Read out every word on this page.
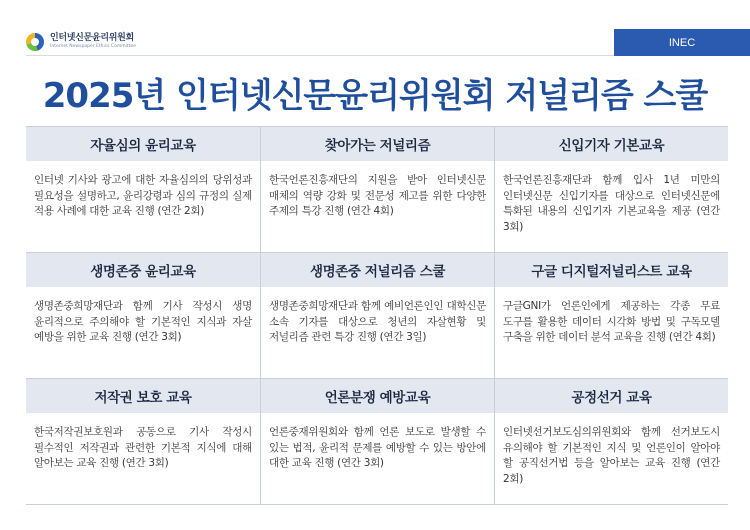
인터넷신문윤리위원회
Internet Newspaper Ethics Committee	INEC
2025년 인터넷신문윤리위원회 저널리즘 스쿨
자율심의 윤리교육
인터넷 기사와 광고에 대한 자율심의의 당위성과 필요성을 설명하고, 윤리강령과 심의 규정의 실제 적용 사례에 대한 교육 진행 (연간 2회)
찾아가는 저널리즘
한국언론진흥재단의 지원을 받아 인터넷신문 매체의 역량 강화 및 전문성 제고를 위한 다양한 주제의 특강 진행 (연간 4회)
신입기자 기본교육
한국언론진흥재단과 함께 입사 1년 미만의 인터넷신문 신입기자를 대상으로 인터넷신문에 특화된 내용의 신입기자 기본교육을 제공 (연간 3회)
생명존중 윤리교육
생명존중희망재단과 함께 기사 작성시 생명 윤리적으로 주의해야 할 기본적인 지식과 자살 예방을 위한 교육 진행 (연간 3회)
생명존중 저널리즘 스쿨
생명존중희망재단과 함께 예비언론인인 대학신문 소속 기자를 대상으로 청년의 자살현황 및 저널리즘 관련 특강 진행 (연간 3일)
구글 디지털저널리스트 교육
구글GNI가 언론인에게 제공하는 각종 무료 도구를 활용한 데이터 시각화 방법 및 구독모델 구축을 위한 데이터 분석 교육을 진행 (연간 4회)
저작권 보호 교육
한국저작권보호원과 공동으로 기사 작성시 필수적인 저작권과 관련한 기본적 지식에 대해 알아보는 교육 진행 (연간 3회)
언론분쟁 예방교육
언론중재위원회와 함께 언론 보도로 발생할 수 있는 법적, 윤리적 문제를 예방할 수 있는 방안에 대한 교육 진행 (연간 3회)
공정선거 교육
인터넷선거보도심의위원회와 함께 선거보도시 유의해야 할 기본적인 지식 및 언론인이 알아야 할 공직선거법 등을 알아보는 교육 진행 (연간 2회)
